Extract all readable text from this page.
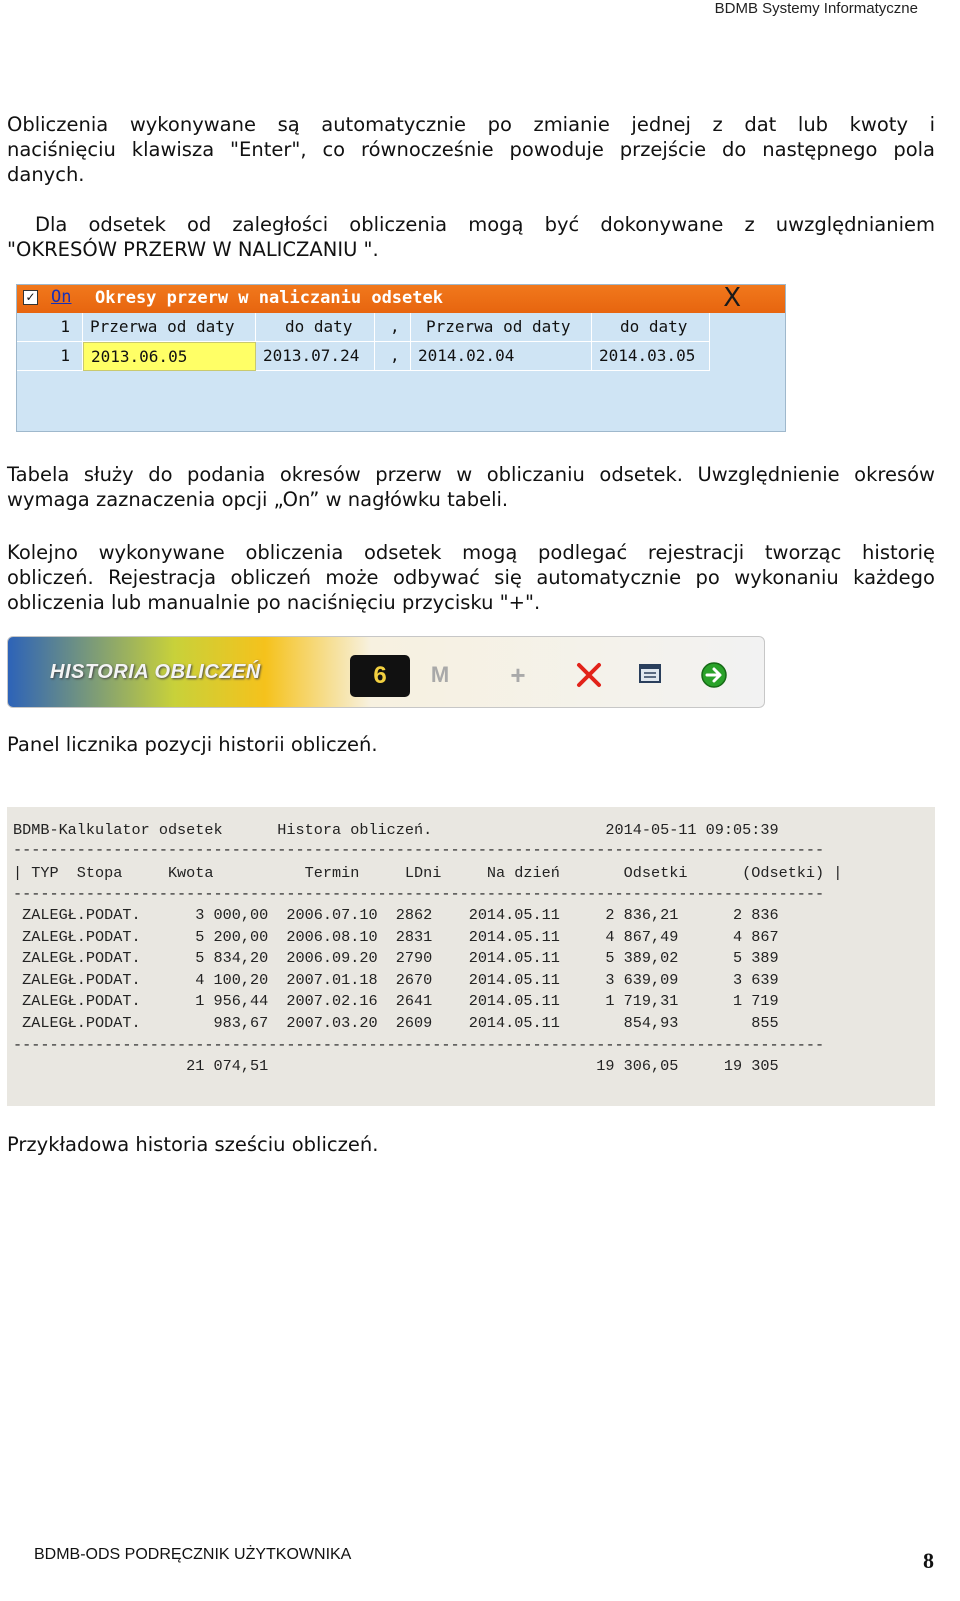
BDMB Systemy Informatyczne
Obliczenia wykonywane są automatycznie po zmianie jednej z dat lub kwoty i
naciśnięciu klawisza "Enter", co równocześnie powoduje przejście do następnego pola
danych.
Dla odsetek od zaległości obliczenia mogą być dokonywane z uwzględnianiem
"OKRESÓW PRZERW W NALICZANIU ".
✓ On Okresy przerw w naliczaniu odsetek	X
1	Przerwa od daty	do daty	,	Przerwa od daty	do daty
1	2013.06.05	2013.07.24	,	2014.02.04	2014.03.05
Tabela służy do podania okresów przerw w obliczaniu odsetek. Uwzględnienie okresów
wymaga zaznaczenia opcji „On” w nagłówku tabeli.
Kolejno wykonywane obliczenia odsetek mogą podlegać rejestracji tworząc historię
obliczeń. Rejestracja obliczeń może odbywać się automatycznie po wykonaniu każdego
obliczenia lub manualnie po naciśnięciu przycisku "+".
HISTORIA OBLICZEŃ	6	M	+
Panel licznika pozycji historii obliczeń.
BDMB-Kalkulator odsetek      Histora obliczeń.                   2014-05-11 09:05:39
-----------------------------------------------------------------------------------------
| TYP  Stopa     Kwota          Termin     LDni     Na dzień       Odsetki      (Odsetki) |
-----------------------------------------------------------------------------------------
ZALEGŁ.PODAT.      3 000,00  2006.07.10  2862    2014.05.11     2 836,21      2 836
ZALEGŁ.PODAT.      5 200,00  2006.08.10  2831    2014.05.11     4 867,49      4 867
ZALEGŁ.PODAT.      5 834,20  2006.09.20  2790    2014.05.11     5 389,02      5 389
ZALEGŁ.PODAT.      4 100,20  2007.01.18  2670    2014.05.11     3 639,09      3 639
ZALEGŁ.PODAT.      1 956,44  2007.02.16  2641    2014.05.11     1 719,31      1 719
ZALEGŁ.PODAT.        983,67  2007.03.20  2609    2014.05.11       854,93        855
-----------------------------------------------------------------------------------------
21 074,51                                    19 306,05     19 305
Przykładowa historia sześciu obliczeń.
BDMB-ODS PODRĘCZNIK UŻYTKOWNIKA	8
